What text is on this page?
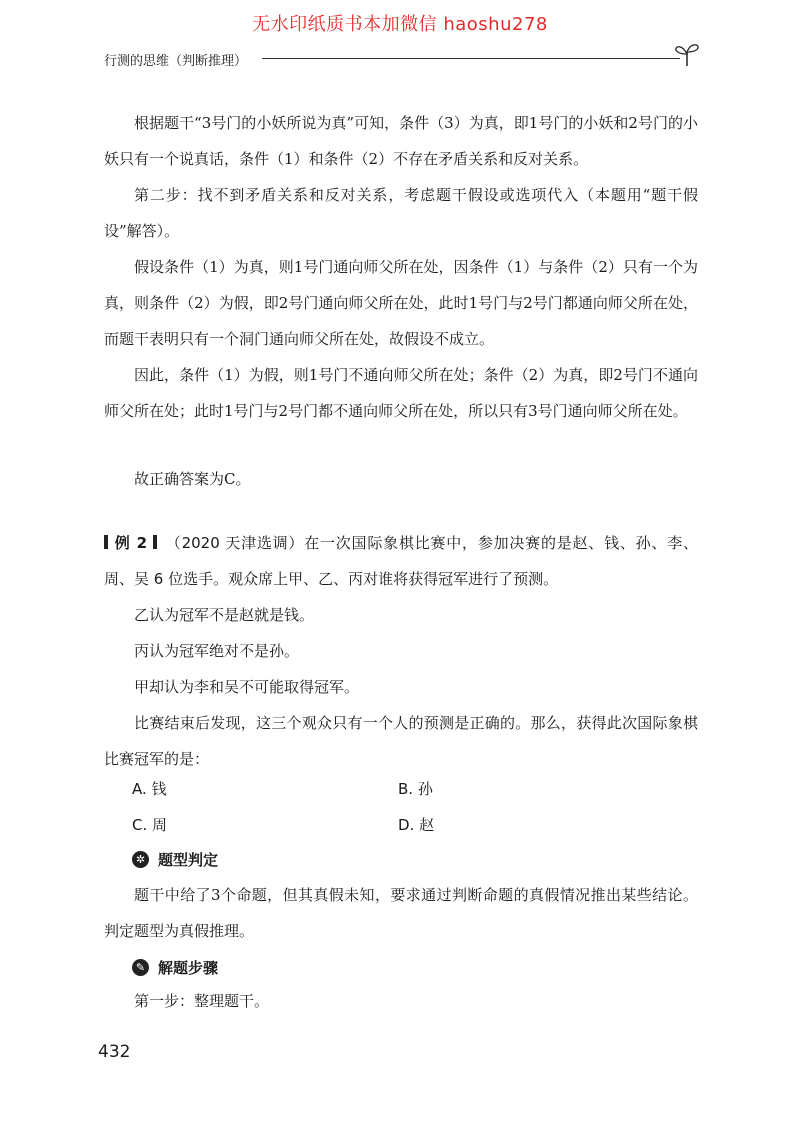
无水印纸质书本加微信 haoshu278
行测的思维（判断推理）

根据题干“3号门的小妖所说为真”可知，条件（3）为真，即1号门的小妖和2号门的小妖只有一个说真话，条件（1）和条件（2）不存在矛盾关系和反对关系。

第二步：找不到矛盾关系和反对关系，考虑题干假设或选项代入（本题用“题干假设”解答）。

假设条件（1）为真，则1号门通向师父所在处，因条件（1）与条件（2）只有一个为真，则条件（2）为假，即2号门通向师父所在处，此时1号门与2号门都通向师父所在处，而题干表明只有一个洞门通向师父所在处，故假设不成立。

因此，条件（1）为假，则1号门不通向师父所在处；条件（2）为真，即2号门不通向师父所在处；此时1号门与2号门都不通向师父所在处，所以只有3号门通向师父所在处。

故正确答案为C。

例 2 （2020 天津选调）在一次国际象棋比赛中，参加决赛的是赵、钱、孙、李、周、吴 6 位选手。观众席上甲、乙、丙对谁将获得冠军进行了预测。

乙认为冠军不是赵就是钱。

丙认为冠军绝对不是孙。

甲却认为李和吴不可能取得冠军。

比赛结束后发现，这三个观众只有一个人的预测是正确的。那么，获得此次国际象棋比赛冠军的是：

A. 钱	B. 孙
C. 周	D. 赵
✲ 题型判定

题干中给了3个命题，但其真假未知，要求通过判断命题的真假情况推出某些结论。判定题型为真假推理。

✎ 解题步骤

第一步：整理题干。

432
